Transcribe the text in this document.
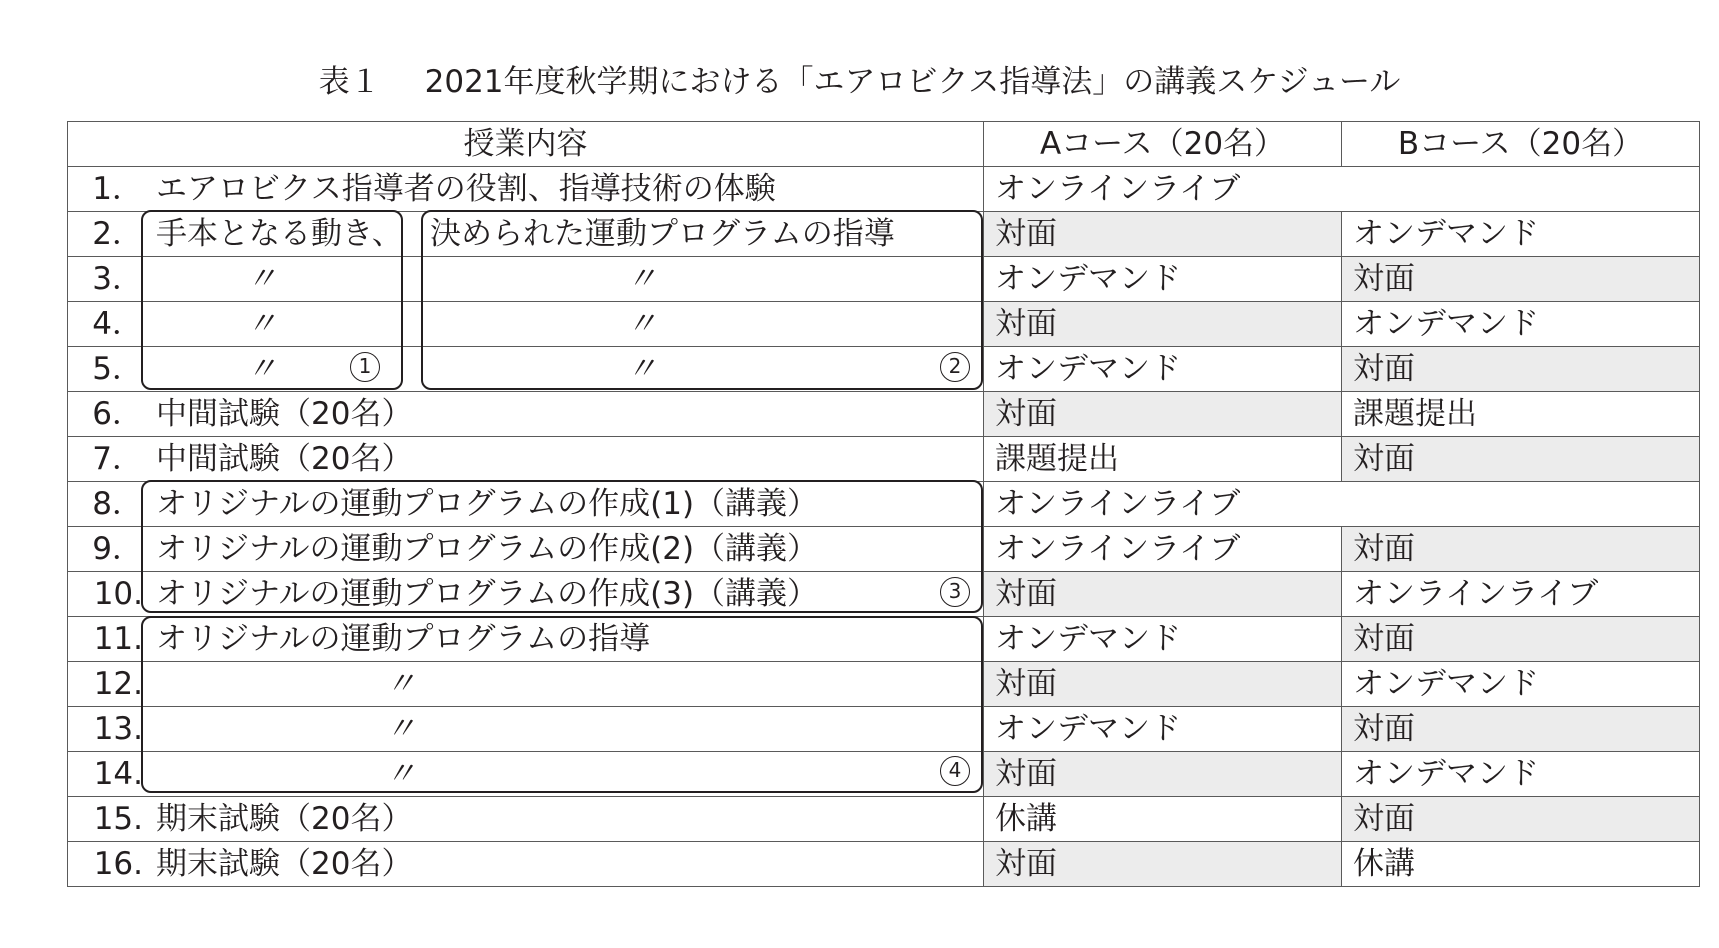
表１ 2021年度秋学期における「エアロビクス指導法」の講義スケジュール
授業内容	Aコース（20名）	Bコース（20名）
1． エアロビクス指導者の役割、指導技術の体験	オンラインライブ	
2． 手本となる動き、 決められた運動プログラムの指導	対面	オンデマンド
3． 〃 〃	オンデマンド	対面
4． 〃 〃	対面	オンデマンド
5． 〃 〃	オンデマンド	対面
6． 中間試験（20名）	対面	課題提出
7． 中間試験（20名）	課題提出	対面
8． オリジナルの運動プログラムの作成(1)（講義）	オンラインライブ	
9． オリジナルの運動プログラムの作成(2)（講義）	オンラインライブ	対面
10. オリジナルの運動プログラムの作成(3)（講義）	対面	オンラインライブ
11. オリジナルの運動プログラムの指導	オンデマンド	対面
12. 〃	対面	オンデマンド
13. 〃	オンデマンド	対面
14. 〃	対面	オンデマンド
15. 期末試験（20名）	休講	対面
16. 期末試験（20名）	対面	休講
1	2
3
4
